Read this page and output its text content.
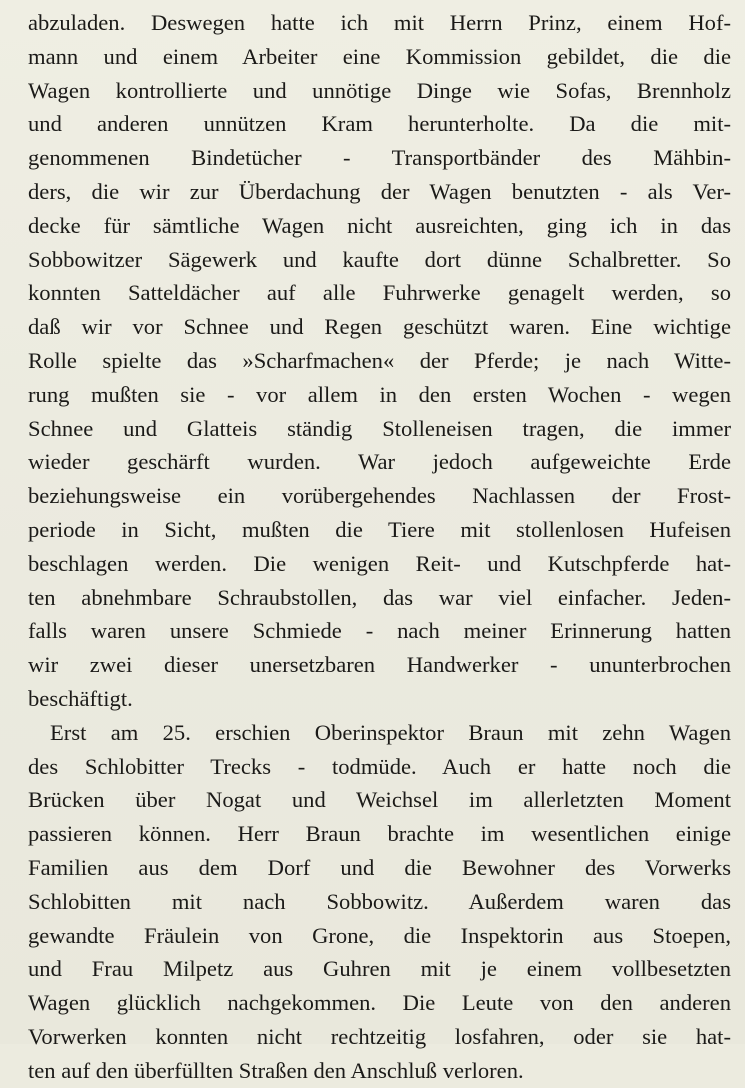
abzuladen. Deswegen hatte ich mit Herrn Prinz, einem Hof-
mann und einem Arbeiter eine Kommission gebildet, die die
Wagen kontrollierte und unnötige Dinge wie Sofas, Brennholz
und anderen unnützen Kram herunterholte. Da die mit-
genommenen Bindetücher - Transportbänder des Mähbin-
ders, die wir zur Überdachung der Wagen benutzten - als Ver-
decke für sämtliche Wagen nicht ausreichten, ging ich in das
Sobbowitzer Sägewerk und kaufte dort dünne Schalbretter. So
konnten Satteldächer auf alle Fuhrwerke genagelt werden, so
daß wir vor Schnee und Regen geschützt waren. Eine wichtige
Rolle spielte das »Scharfmachen« der Pferde; je nach Witte-
rung mußten sie - vor allem in den ersten Wochen - wegen
Schnee und Glatteis ständig Stolleneisen tragen, die immer
wieder geschärft wurden. War jedoch aufgeweichte Erde
beziehungsweise ein vorübergehendes Nachlassen der Frost-
periode in Sicht, mußten die Tiere mit stollenlosen Hufeisen
beschlagen werden. Die wenigen Reit- und Kutschpferde hat-
ten abnehmbare Schraubstollen, das war viel einfacher. Jeden-
falls waren unsere Schmiede - nach meiner Erinnerung hatten
wir zwei dieser unersetzbaren Handwerker - ununterbrochen
beschäftigt.
Erst am 25. erschien Oberinspektor Braun mit zehn Wagen
des Schlobitter Trecks - todmüde. Auch er hatte noch die
Brücken über Nogat und Weichsel im allerletzten Moment
passieren können. Herr Braun brachte im wesentlichen einige
Familien aus dem Dorf und die Bewohner des Vorwerks
Schlobitten mit nach Sobbowitz. Außerdem waren das
gewandte Fräulein von Grone, die Inspektorin aus Stoepen,
und Frau Milpetz aus Guhren mit je einem vollbesetzten
Wagen glücklich nachgekommen. Die Leute von den anderen
Vorwerken konnten nicht rechtzeitig losfahren, oder sie hat-
ten auf den überfüllten Straßen den Anschluß verloren.
